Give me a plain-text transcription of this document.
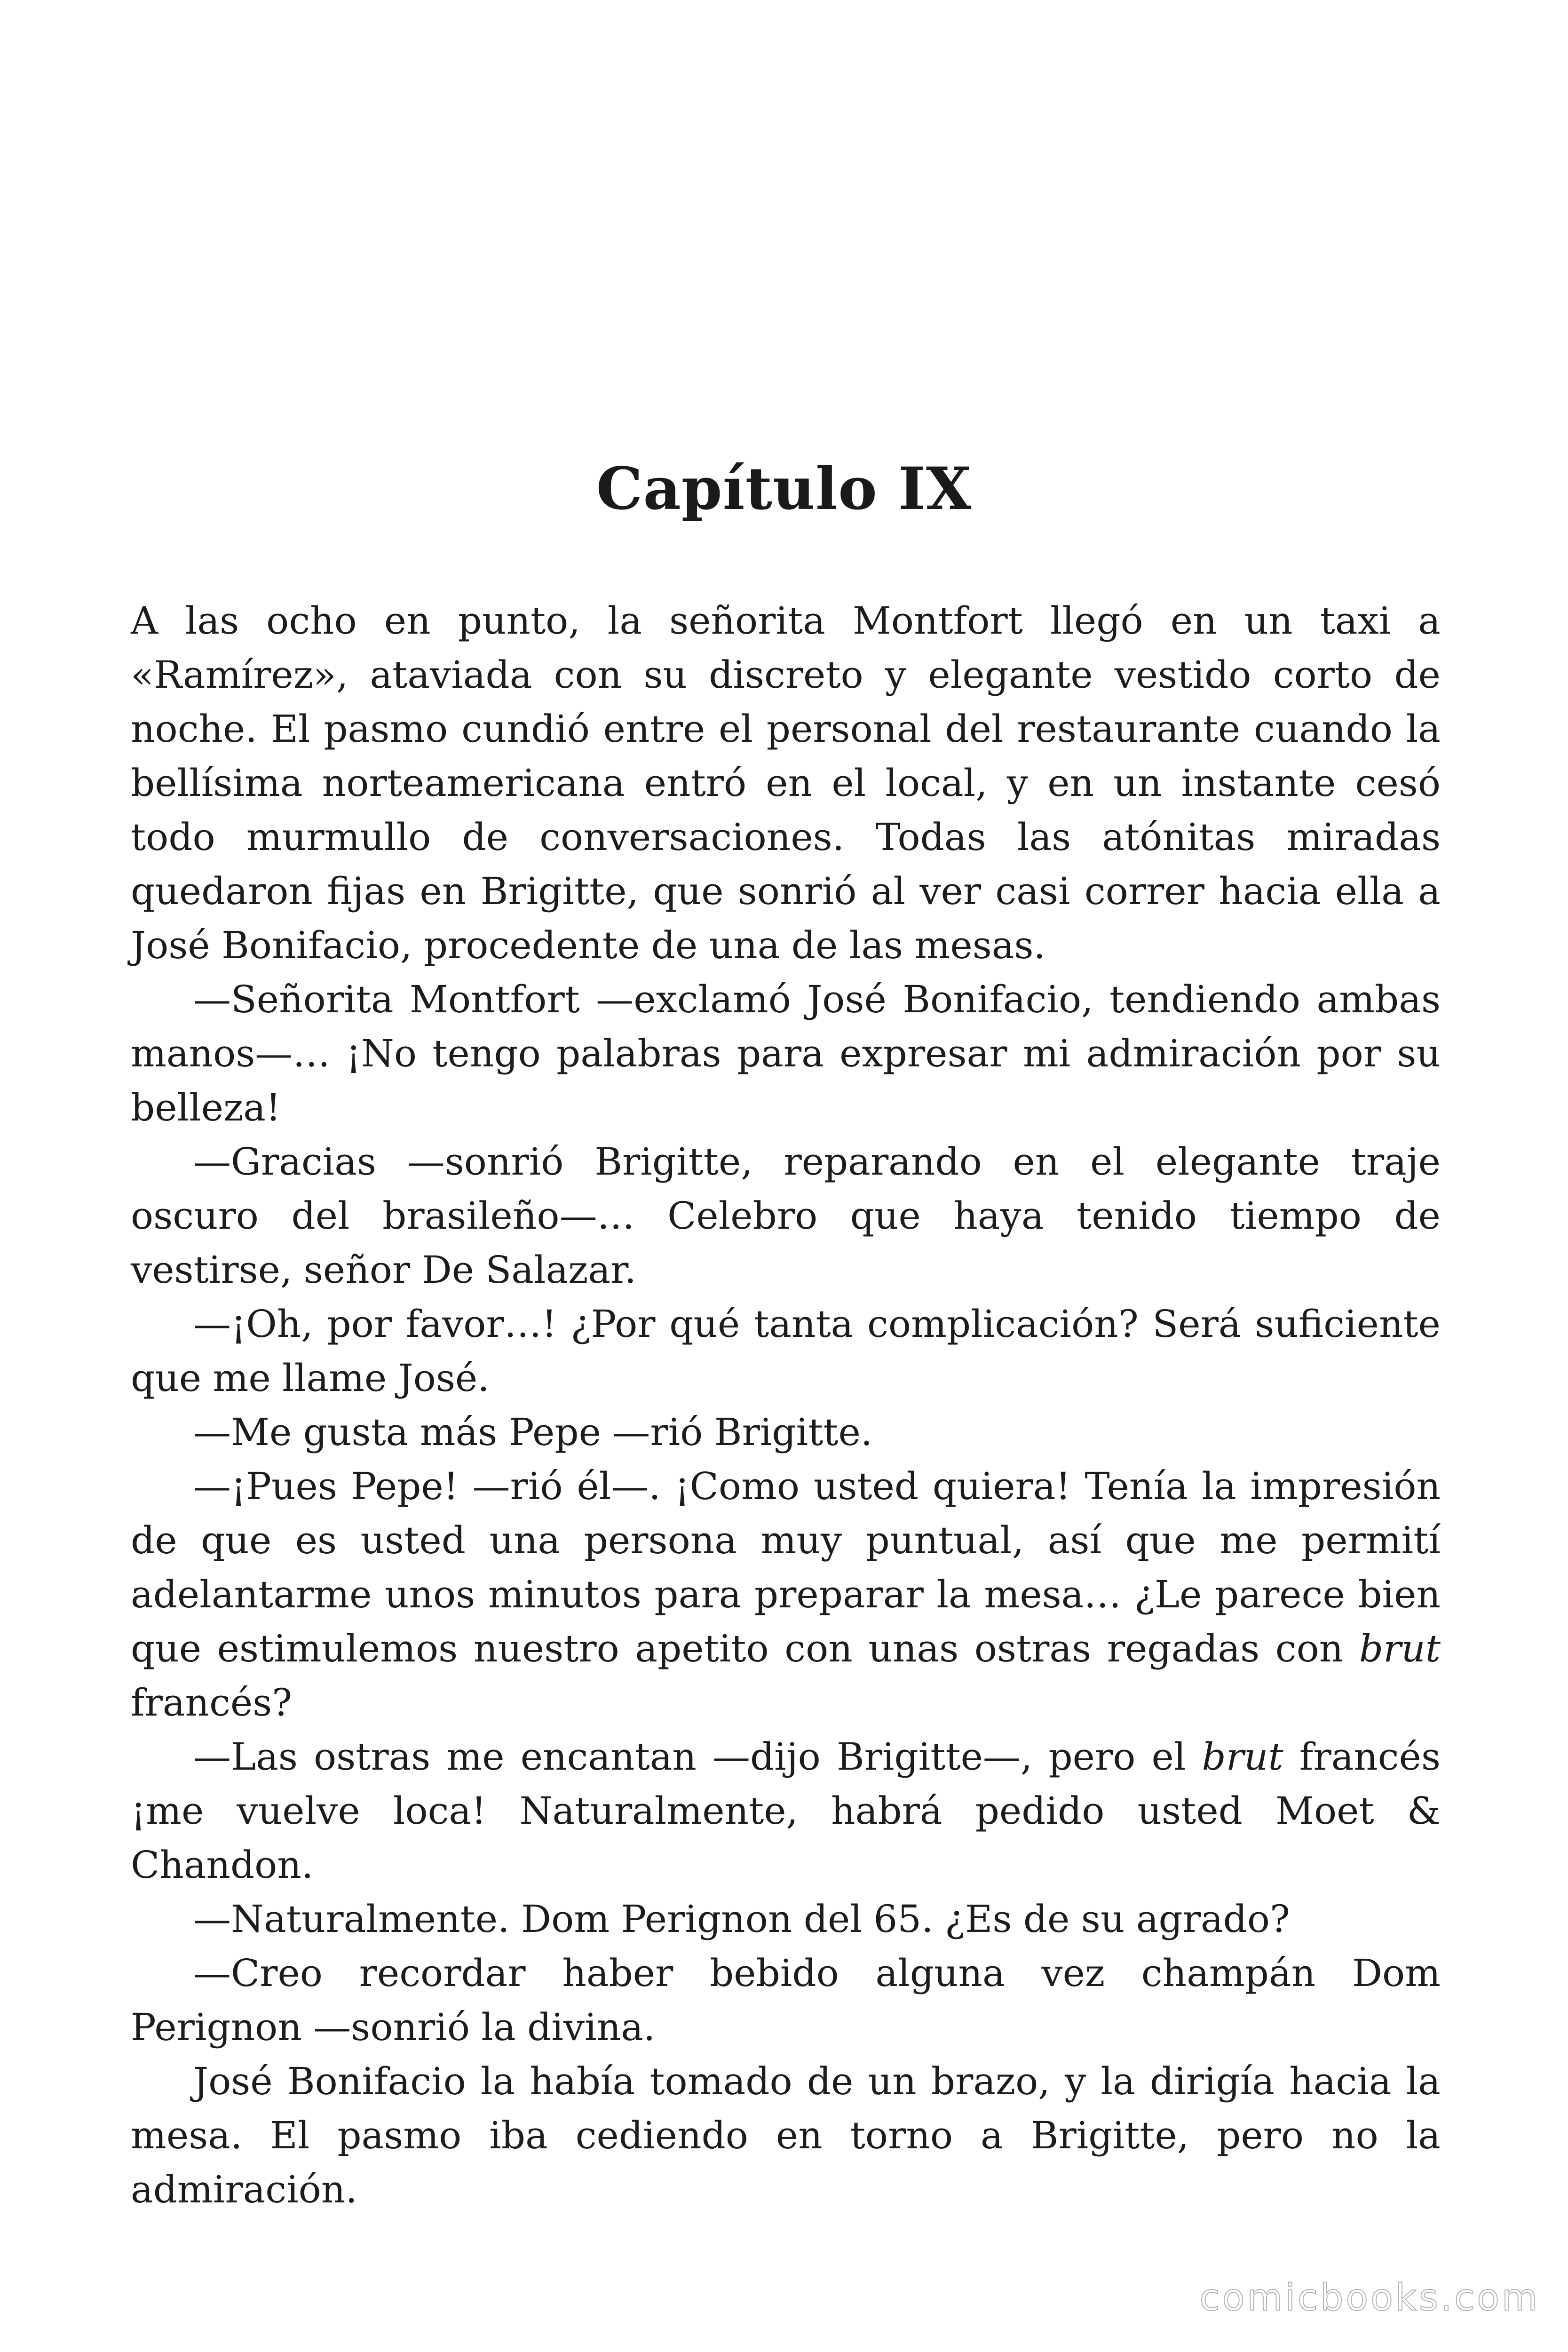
Capítulo IX

A las ocho en punto, la señorita Montfort llegó en un taxi a «Ramírez», ataviada con su discreto y elegante vestido corto de noche. El pasmo cundió entre el personal del restaurante cuando la bellísima norteamericana entró en el local, y en un instante cesó todo murmullo de conversaciones. Todas las atónitas miradas quedaron fijas en Brigitte, que sonrió al ver casi correr hacia ella a José Bonifacio, procedente de una de las mesas.

—Señorita Montfort —exclamó José Bonifacio, tendiendo ambas manos—… ¡No tengo palabras para expresar mi admiración por su belleza!

—Gracias —sonrió Brigitte, reparando en el elegante traje oscuro del brasileño—… Celebro que haya tenido tiempo de vestirse, señor De Salazar.

—¡Oh, por favor…! ¿Por qué tanta complicación? Será suficiente que me llame José.

—Me gusta más Pepe —rió Brigitte.

—¡Pues Pepe! —rió él—. ¡Como usted quiera! Tenía la impresión de que es usted una persona muy puntual, así que me permití adelantarme unos minutos para preparar la mesa… ¿Le parece bien que estimulemos nuestro apetito con unas ostras regadas con brut francés?

—Las ostras me encantan —dijo Brigitte—, pero el brut francés ¡me vuelve loca! Naturalmente, habrá pedido usted Moet & Chandon.

—Naturalmente. Dom Perignon del 65. ¿Es de su agrado?

—Creo recordar haber bebido alguna vez champán Dom Perignon —sonrió la divina.

José Bonifacio la había tomado de un brazo, y la dirigía hacia la mesa. El pasmo iba cediendo en torno a Brigitte, pero no la admiración.

comicbooks.com
